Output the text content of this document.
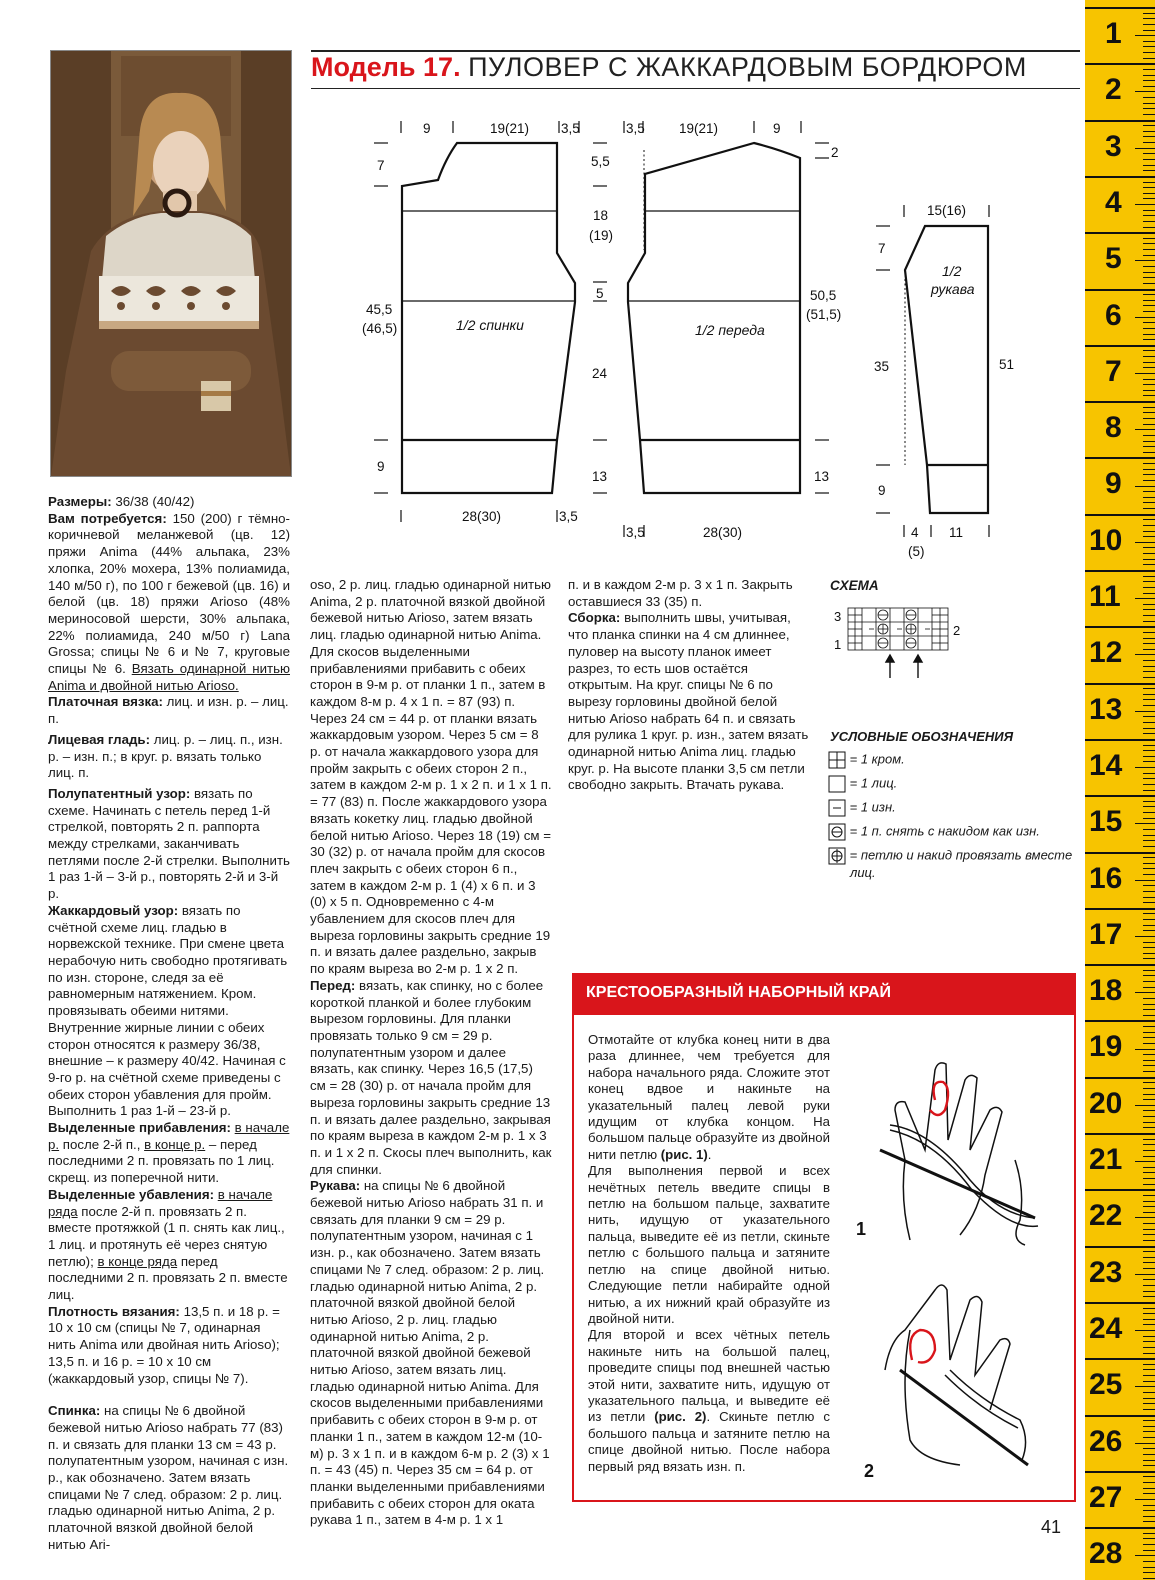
Модель 17. ПУЛОВЕР С ЖАККАРДОВЫМ БОРДЮРОМ
9	19(21) 3,5	3,5	19(21)	9
7	5,5
18
(19)
5
24
13
45,5
(46,5)
9
28(30)	3,5
3,5	28(30)
50,5
(51,5)
13
2
15(16)
7
35	51
9
4
(5)
11
1/2 спинки	1/2 переда
1/2
рукава

Размеры: 36/38 (40/42)

Вам потребуется: 150 (200) г тёмно-коричневой меланжевой (цв. 12) пряжи Anima (44% альпака, 23% хлопка, 20% мохера, 13% полиамида, 140 м/50 г), по 100 г бежевой (цв. 16) и белой (цв. 18) пряжи Arioso (48% мериносовой шерсти, 30% альпака, 22% полиамида, 240 м/50 г) Lana Grossa; спицы № 6 и № 7, круговые спицы № 6. Вязать одинарной нитью Anima и двойной нитью Arioso.

Платочная вязка: лиц. и изн. р. – лиц. п.

Лицевая гладь: лиц. р. – лиц. п., изн. р. – изн. п.; в круг. р. вязать только лиц. п.

Полупатентный узор: вязать по схеме. Начинать с петель перед 1-й стрелкой, повторять 2 п. раппорта между стрелками, заканчивать петлями после 2-й стрелки. Выполнить 1 раз 1-й – 3-й р., повторять 2-й и 3-й р.

Жаккардовый узор: вязать по счётной схеме лиц. гладью в норвежской технике. При смене цвета нерабочую нить свободно протягивать по изн. стороне, следя за её равномерным натяжением. Кром. провязывать обеими нитями. Внутренние жирные линии с обеих сторон относятся к размеру 36/38, внешние – к размеру 40/42. Начиная с 9-го р. на счётной схеме приведены с обеих сторон убавления для пройм. Выполнить 1 раз 1-й – 23-й р.

Выделенные прибавления: в начале р. после 2-й п., в конце р. – перед последними 2 п. провязать по 1 лиц. скрещ. из поперечной нити.

Выделенные убавления: в начале ряда после 2-й п. провязать 2 п. вместе протяжкой (1 п. снять как лиц., 1 лиц. и протянуть её через снятую петлю); в конце ряда перед последними 2 п. провязать 2 п. вместе лиц.

Плотность вязания: 13,5 п. и 18 р. = 10 х 10 см (спицы № 7, одинарная нить Anima или двойная нить Arioso); 13,5 п. и 16 р. = 10 х 10 см (жаккардовый узор, спицы № 7).

Спинка: на спицы № 6 двойной бежевой нитью Arioso набрать 77 (83) п. и связать для планки 13 см = 43 р. полупатентным узором, начиная с изн. р., как обозначено. Затем вязать спицами № 7 след. образом: 2 р. лиц. гладью одинарной нитью Anima, 2 р. платочной вязкой двойной белой нитью Ari-

oso, 2 р. лиц. гладью одинарной нитью Anima, 2 р. платочной вязкой двойной бежевой нитью Arioso, затем вязать лиц. гладью одинарной нитью Anima. Для скосов выделенными прибавлениями прибавить с обеих сторон в 9-м р. от планки 1 п., затем в каждом 8-м р. 4 х 1 п. = 87 (93) п. Через 24 см = 44 р. от планки вязать жаккардовым узором. Через 5 см = 8 р. от начала жаккардового узора для пройм закрыть с обеих сторон 2 п., затем в каждом 2-м р. 1 х 2 п. и 1 х 1 п. = 77 (83) п. После жаккардового узора вязать кокетку лиц. гладью двойной белой нитью Arioso. Через 18 (19) см = 30 (32) р. от начала пройм для скосов плеч закрыть с обеих сторон 6 п., затем в каждом 2-м р. 1 (4) х 6 п. и 3 (0) х 5 п. Одновременно с 4-м убавлением для скосов плеч для выреза горловины закрыть средние 19 п. и вязать далее раздельно, закрыв по краям выреза во 2-м р. 1 х 2 п.

Перед: вязать, как спинку, но с более короткой планкой и более глубоким вырезом горловины. Для планки провязать только 9 см = 29 р. полупатентным узором и далее вязать, как спинку. Через 16,5 (17,5) см = 28 (30) р. от начала пройм для выреза горловины закрыть средние 13 п. и вязать далее раздельно, закрывая по краям выреза в каждом 2-м р. 1 х 3 п. и 1 х 2 п. Скосы плеч выполнить, как для спинки.

Рукава: на спицы № 6 двойной бежевой нитью Arioso набрать 31 п. и связать для планки 9 см = 29 р. полупатентным узором, начиная с 1 изн. р., как обозначено. Затем вязать спицами № 7 след. образом: 2 р. лиц. гладью одинарной нитью Anima, 2 р. платочной вязкой двойной белой нитью Arioso, 2 р. лиц. гладью одинарной нитью Anima, 2 р. платочной вязкой двойной бежевой нитью Arioso, затем вязать лиц. гладью одинарной нитью Anima. Для скосов выделенными прибавлениями прибавить с обеих сторон в 9-м р. от планки 1 п., затем в каждом 12-м (10-м) р. 3 х 1 п. и в каждом 6-м р. 2 (3) х 1 п. = 43 (45) п. Через 35 см = 64 р. от планки выделенными прибавлениями прибавить с обеих сторон для оката рукава 1 п., затем в 4-м р. 1 х 1

п. и в каждом 2-м р. 3 х 1 п. Закрыть оставшиеся 33 (35) п.

Сборка: выполнить швы, учитывая, что планка спинки на 4 см длиннее, пуловер на высоту планок имеет разрез, то есть шов остаётся открытым. На круг. спицы № 6 по вырезу горловины двойной белой нитью Arioso набрать 64 п. и связать для рулика 1 круг. р. изн., затем вязать одинарной нитью Anima лиц. гладью круг. р. На высоте планки 3,5 см петли свободно закрыть. Втачать рукава.

СХЕМА
3
1
2
УСЛОВНЫЕ ОБОЗНАЧЕНИЯ
= 1 кром.
= 1 лиц.
= 1 изн.
= 1 п. снять с накидом как изн.
= петлю и накид провязать вместе
лиц.
КРЕСТООБРАЗНЫЙ НАБОРНЫЙ КРАЙ

Отмотайте от клубка конец нити в два раза длиннее, чем требуется для набора начального ряда. Сложите этот конец вдвое и накиньте на указательный палец левой руки идущим от клубка концом. На большом пальце образуйте из двойной нити петлю (рис. 1).

Для выполнения первой и всех нечётных петель введите спицы в петлю на большом пальце, захватите нить, идущую от указательного пальца, выведите её из петли, скиньте петлю с большого пальца и затяните петлю на спице двойной нитью. Следующие петли набирайте одной нитью, а их нижний край образуйте из двойной нити.

Для второй и всех чётных петель накиньте нить на большой палец, проведите спицы под внешней частью этой нити, захватите нить, идущую от указательного пальца, и выведите её из петли (рис. 2). Скиньте петлю с большого пальца и затяните петлю на спице двойной нитью. После набора первый ряд вязать изн. п.

1
2
41
1
2
3
4
5
6
7
8
9
10
11
12
13
14
15
16
17
18
19
20
21
22
23
24
25
26
27
28
